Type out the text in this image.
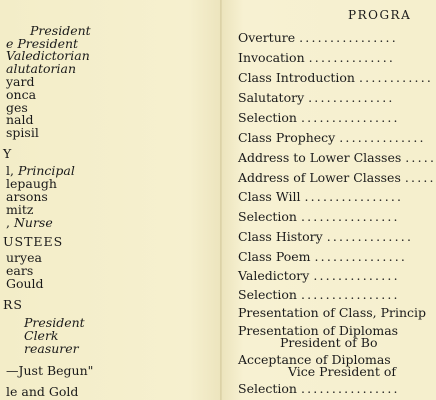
President
e President
Valedictorian
alutatorian
yard
onca
ges
nald
spisil
Y
l, Principal
lepaugh
arsons
mitz
, Nurse
USTEES
uryea
ears
Gould
RS
President
Clerk
reasurer
—Just Begun"
le and Gold
PROGRA
Overture ................
Invocation ..............
Class Introduction ............
Salutatory ..............
Selection ................
Class Prophecy ..............
Address to Lower Classes .....
Address of Lower Classes .....
Class Will ................
Selection ................
Class History ..............
Class Poem ...............
Valedictory ..............
Selection ................
Presentation of Class, Princip
Presentation of Diplomas
President of Bo
Acceptance of Diplomas
Vice President of
Selection ................
